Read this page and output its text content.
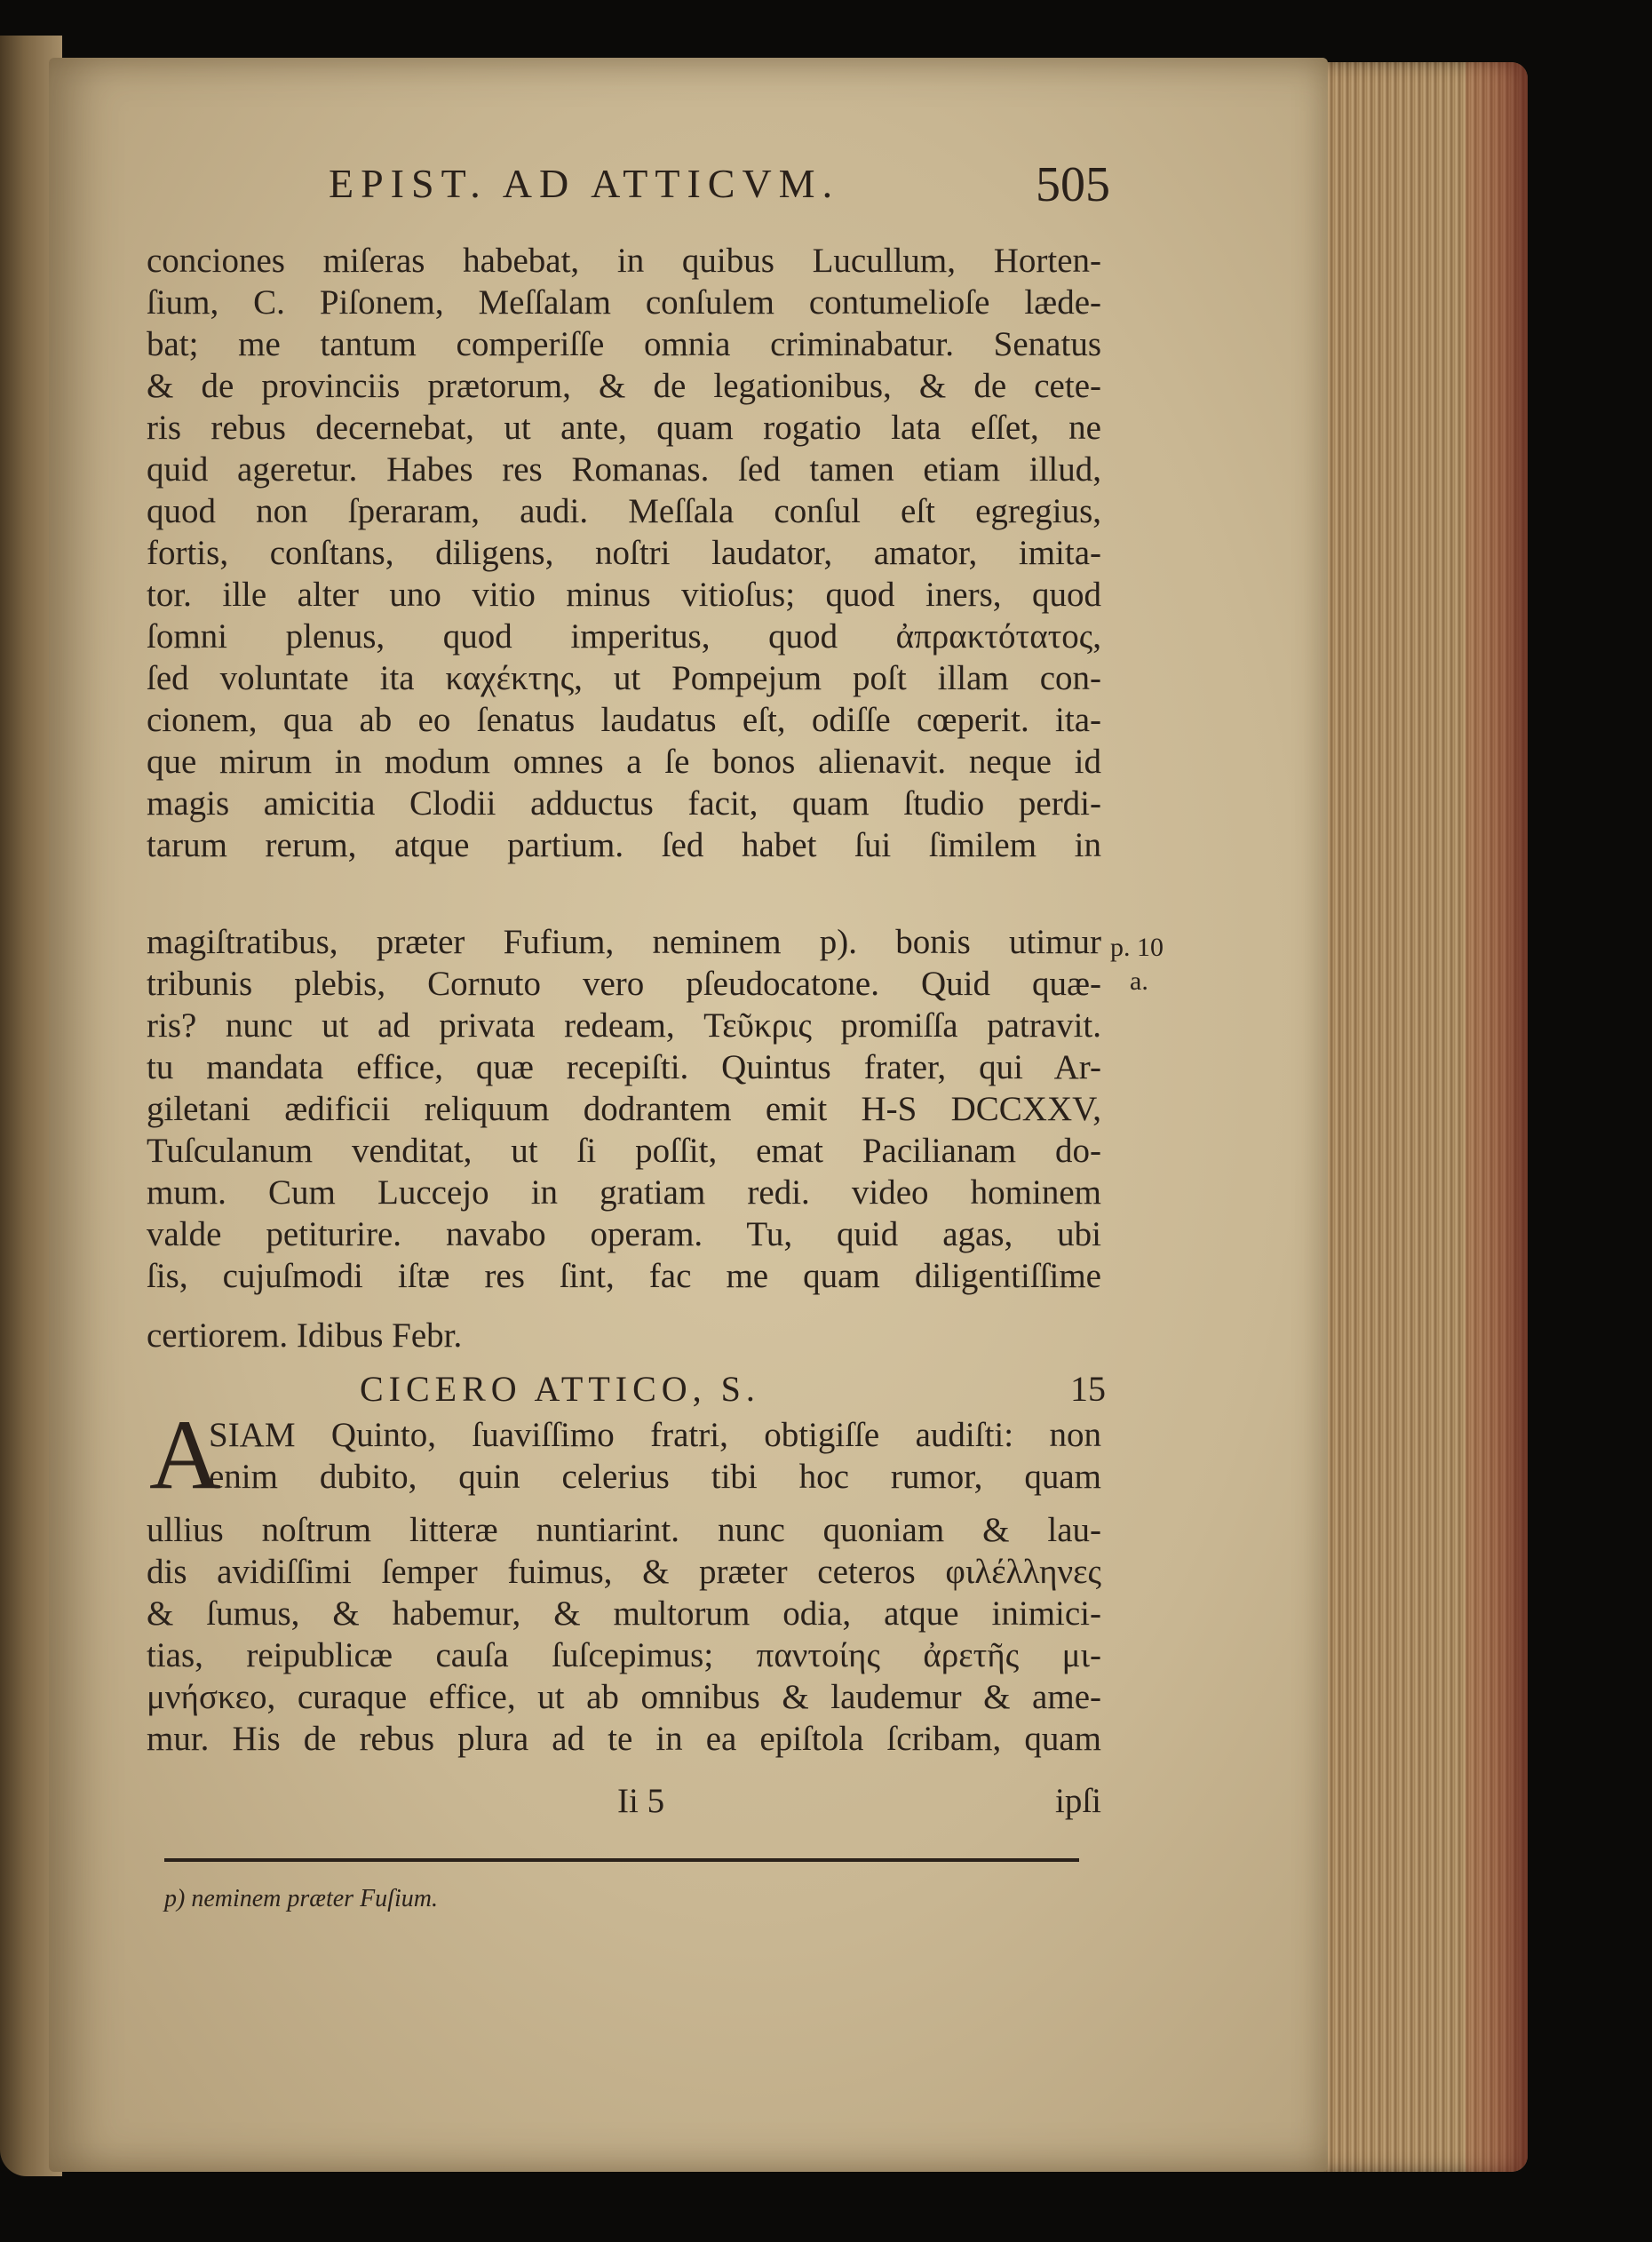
EPIST. AD ATTICVM.	505
conciones miſeras habebat, in quibus Lucullum, Horten-
ſium, C. Piſonem, Meſſalam conſulem contumelioſe læde-
bat; me tantum comperiſſe omnia criminabatur. Senatus
& de provinciis prætorum, & de legationibus, & de cete-
ris rebus decernebat, ut ante, quam rogatio lata eſſet, ne
quid ageretur. Habes res Romanas. ſed tamen etiam illud,
quod non ſperaram, audi. Meſſala conſul eſt egregius,
fortis, conſtans, diligens, noſtri laudator, amator, imita-
tor. ille alter uno vitio minus vitioſus; quod iners, quod
ſomni plenus, quod imperitus, quod ἀπρακτότατος,
ſed voluntate ita καχέκτης, ut Pompejum poſt illam con-
cionem, qua ab eo ſenatus laudatus eſt, odiſſe cœperit. ita-
que mirum in modum omnes a ſe bonos alienavit. neque id
magis amicitia Clodii adductus facit, quam ſtudio perdi-
tarum rerum, atque partium. ſed habet ſui ſimilem in
magiſtratibus, præter Fufium, neminem p). bonis utimur
tribunis plebis, Cornuto vero pſeudocatone. Quid quæ-
ris? nunc ut ad privata redeam, Τεῦκρις promiſſa patravit.
tu mandata effice, quæ recepiſti. Quintus frater, qui Ar-
giletani ædificii reliquum dodrantem emit H-S DCCXXV,
Tuſculanum venditat, ut ſi poſſit, emat Pacilianam do-
mum. Cum Luccejo in gratiam redi. video hominem
valde petiturire. navabo operam. Tu, quid agas, ubi
ſis, cujuſmodi iſtæ res ſint, fac me quam diligentiſſime
certiorem. Idibus Febr.
p. 10
a.
CICERO ATTICO, S.	15
A
SIAM Quinto, ſuaviſſimo fratri, obtigiſſe audiſti: non
enim dubito, quin celerius tibi hoc rumor, quam
ullius noſtrum litteræ nuntiarint. nunc quoniam & lau-
dis avidiſſimi ſemper fuimus, & præter ceteros φιλέλληνες
& ſumus, & habemur, & multorum odia, atque inimici-
tias, reipublicæ cauſa ſuſcepimus; παντοίης ἀρετῆς μι-
μνήσκεο, curaque effice, ut ab omnibus & laudemur & ame-
mur. His de rebus plura ad te in ea epiſtola ſcribam, quam
Ii 5	ipſi
p) neminem præter Fuſium.
